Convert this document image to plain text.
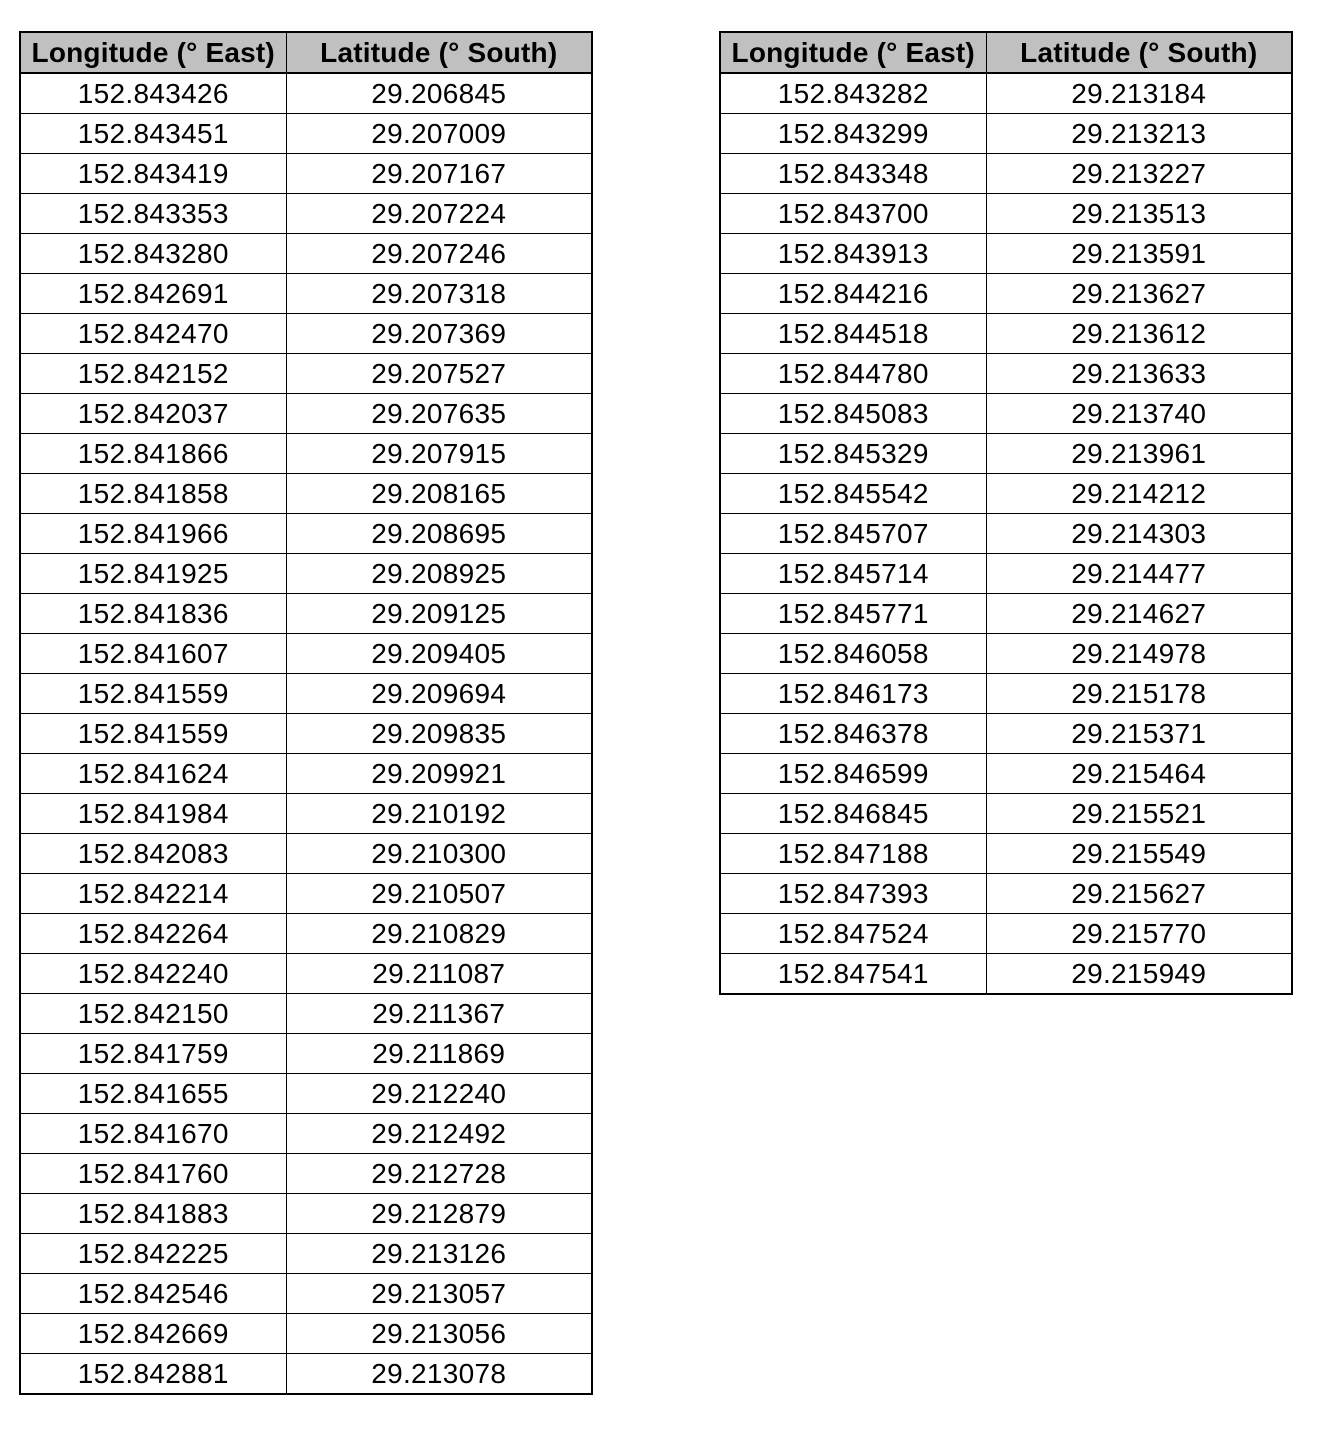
Longitude (° East)	Latitude (° South)
152.843426	29.206845
152.843451	29.207009
152.843419	29.207167
152.843353	29.207224
152.843280	29.207246
152.842691	29.207318
152.842470	29.207369
152.842152	29.207527
152.842037	29.207635
152.841866	29.207915
152.841858	29.208165
152.841966	29.208695
152.841925	29.208925
152.841836	29.209125
152.841607	29.209405
152.841559	29.209694
152.841559	29.209835
152.841624	29.209921
152.841984	29.210192
152.842083	29.210300
152.842214	29.210507
152.842264	29.210829
152.842240	29.211087
152.842150	29.211367
152.841759	29.211869
152.841655	29.212240
152.841670	29.212492
152.841760	29.212728
152.841883	29.212879
152.842225	29.213126
152.842546	29.213057
152.842669	29.213056
152.842881	29.213078
Longitude (° East)	Latitude (° South)
152.843282	29.213184
152.843299	29.213213
152.843348	29.213227
152.843700	29.213513
152.843913	29.213591
152.844216	29.213627
152.844518	29.213612
152.844780	29.213633
152.845083	29.213740
152.845329	29.213961
152.845542	29.214212
152.845707	29.214303
152.845714	29.214477
152.845771	29.214627
152.846058	29.214978
152.846173	29.215178
152.846378	29.215371
152.846599	29.215464
152.846845	29.215521
152.847188	29.215549
152.847393	29.215627
152.847524	29.215770
152.847541	29.215949
